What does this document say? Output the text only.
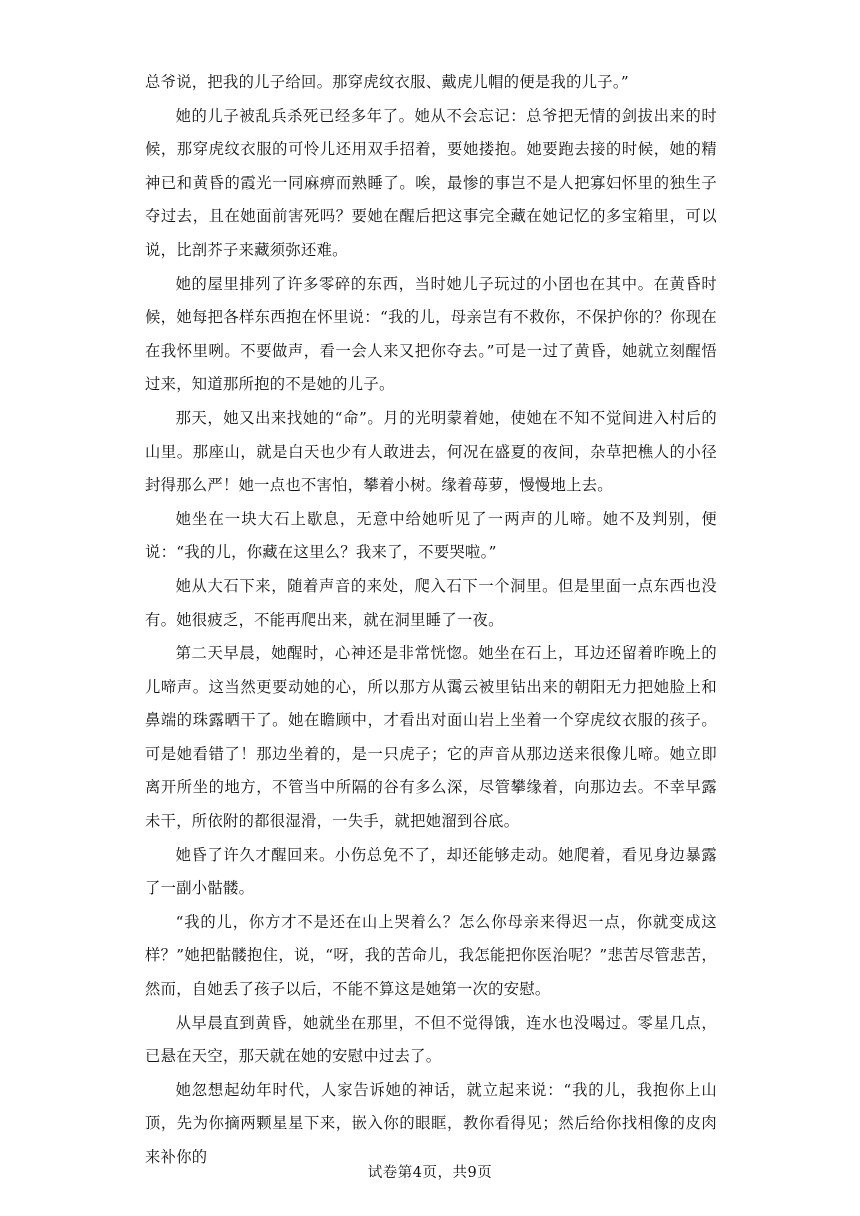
总爷说，把我的儿子给回。那穿虎纹衣服、戴虎儿帽的便是我的儿子。”

她的儿子被乱兵杀死已经多年了。她从不会忘记：总爷把无情的剑拔出来的时候，那穿虎纹衣服的可怜儿还用双手招着，要她搂抱。她要跑去接的时候，她的精神已和黄昏的霞光一同麻痹而熟睡了。唉，最惨的事岂不是人把寡妇怀里的独生子夺过去，且在她面前害死吗？要她在醒后把这事完全藏在她记忆的多宝箱里，可以说，比剖芥子来藏须弥还难。

她的屋里排列了许多零碎的东西，当时她儿子玩过的小囝也在其中。在黄昏时候，她每把各样东西抱在怀里说：“我的儿，母亲岂有不救你，不保护你的？你现在在我怀里咧。不要做声，看一会人来又把你夺去。”可是一过了黄昏，她就立刻醒悟过来，知道那所抱的不是她的儿子。

那天，她又出来找她的“命”。月的光明蒙着她，使她在不知不觉间进入村后的山里。那座山，就是白天也少有人敢进去，何况在盛夏的夜间，杂草把樵人的小径封得那么严！她一点也不害怕，攀着小树。缘着苺萝，慢慢地上去。

她坐在一块大石上歇息，无意中给她听见了一两声的儿啼。她不及判别，便说：“我的儿，你藏在这里么？我来了，不要哭啦。”

她从大石下来，随着声音的来处，爬入石下一个洞里。但是里面一点东西也没有。她很疲乏，不能再爬出来，就在洞里睡了一夜。

第二天早晨，她醒时，心神还是非常恍惚。她坐在石上，耳边还留着昨晚上的儿啼声。这当然更要动她的心，所以那方从霭云被里钻出来的朝阳无力把她脸上和鼻端的珠露晒干了。她在瞻顾中，才看出对面山岩上坐着一个穿虎纹衣服的孩子。可是她看错了！那边坐着的，是一只虎子；它的声音从那边送来很像儿啼。她立即离开所坐的地方，不管当中所隔的谷有多么深，尽管攀缘着，向那边去。不幸早露未干，所依附的都很湿滑，一失手，就把她溜到谷底。

她昏了许久才醒回来。小伤总免不了，却还能够走动。她爬着，看见身边暴露了一副小骷髅。

“我的儿，你方才不是还在山上哭着么？怎么你母亲来得迟一点，你就变成这样？”她把骷髅抱住，说，“呀，我的苦命儿，我怎能把你医治呢？”悲苦尽管悲苦，然而，自她丢了孩子以后，不能不算这是她第一次的安慰。

从早晨直到黄昏，她就坐在那里，不但不觉得饿，连水也没喝过。零星几点，已悬在天空，那天就在她的安慰中过去了。

她忽想起幼年时代，人家告诉她的神话，就立起来说：“我的儿，我抱你上山顶，先为你摘两颗星星下来，嵌入你的眼眶，教你看得见；然后给你找相像的皮肉来补你的

试卷第4页，共9页
